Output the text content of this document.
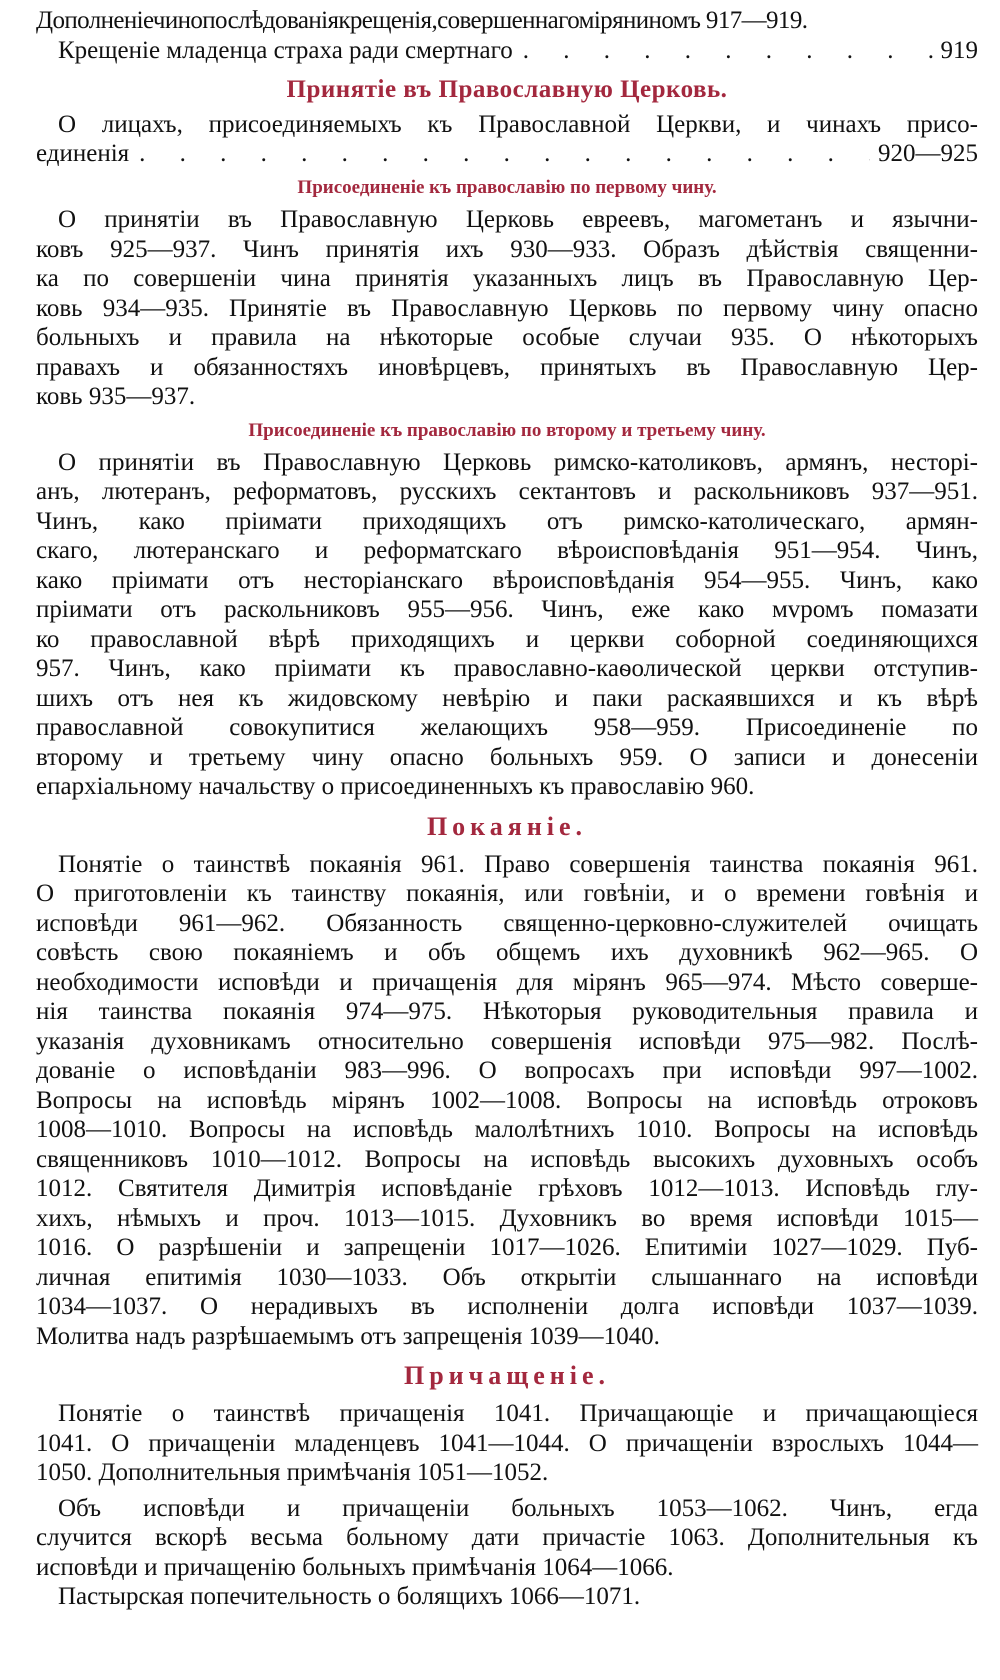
Дополненіечинопослѣдованіякрещенія,совершеннагомiряниномъ 917—919.
Крещеніе младенца страха ради смертнаго . . .	919
Принятіе въ Православную Церковь.
О лицахъ, присоединяемыхъ къ Православной Церкви, и чинахъ присо-
единенія . . .	920—925
Присоединеніе къ православію по первому чину.
О принятіи въ Православную Церковь евреевъ, магометанъ и язычни-
ковъ 925—937. Чинъ принятія ихъ 930—933. Образъ дѣйствія священни-
ка по совершеніи чина принятія указанныхъ лицъ въ Православную Цер-
ковь 934—935. Принятіе въ Православную Церковь по первому чину опасно
больныхъ и правила на нѣкоторые особые случаи 935. О нѣкоторыхъ
правахъ и обязанностяхъ иновѣрцевъ, принятыхъ въ Православную Цер-
ковь 935—937.
Присоединеніе къ православію по второму и третьему чину.
О принятіи въ Православную Церковь римско-католиковъ, армянъ, несторі-
анъ, лютеранъ, реформатовъ, русскихъ сектантовъ и раскольниковъ 937—951.
Чинъ, како пріимати приходящихъ отъ римско-католическаго, армян-
скаго, лютеранскаго и реформатскаго вѣроисповѣданія 951—954. Чинъ,
како пріимати отъ несторіанскаго вѣроисповѣданія 954—955. Чинъ, како
пріимати отъ раскольниковъ 955—956. Чинъ, еже како мvромъ помазати
ко православной вѣрѣ приходящихъ и церкви соборной соединяющихся
957. Чинъ, како пріимати къ православно-каѳолической церкви отступив-
шихъ отъ нея къ жидовскому невѣрію и паки раскаявшихся и къ вѣрѣ
православной совокупитися желающихъ 958—959. Присоединеніе по
второму и третьему чину опасно больныхъ 959. О записи и донесеніи
епархіальному начальству о присоединенныхъ къ православію 960.
Покаяніе.
Понятіе о таинствѣ покаянія 961. Право совершенія таинства покаянія 961.
О приготовленіи къ таинству покаянія, или говѣніи, и о времени говѣнія и
исповѣди 961—962. Обязанность священно-церковно-служителей очищать
совѣсть свою покаяніемъ и объ общемъ ихъ духовникѣ 962—965. О
необходимости исповѣди и причащенія для мiрянъ 965—974. Мѣсто соверше-
нія таинства покаянія 974—975. Нѣкоторыя руководительныя правила и
указанія духовникамъ относительно совершенія исповѣди 975—982. Послѣ-
дованіе о исповѣданіи 983—996. О вопросахъ при исповѣди 997—1002.
Вопросы на исповѣдь мiрянъ 1002—1008. Вопросы на исповѣдь отроковъ
1008—1010. Вопросы на исповѣдь малолѣтнихъ 1010. Вопросы на исповѣдь
священниковъ 1010—1012. Вопросы на исповѣдь высокихъ духовныхъ особъ
1012. Святителя Димитрія исповѣданіе грѣховъ 1012—1013. Исповѣдь глу-
хихъ, нѣмыхъ и проч. 1013—1015. Духовникъ во время исповѣди 1015—
1016. О разрѣшеніи и запрещеніи 1017—1026. Епитиміи 1027—1029. Пуб-
личная епитимія 1030—1033. Объ открытіи слышаннаго на исповѣди
1034—1037. О нерадивыхъ въ исполненіи долга исповѣди 1037—1039.
Молитва надъ разрѣшаемымъ отъ запрещенія 1039—1040.
Причащеніе.
Понятіе о таинствѣ причащенія 1041. Причащающіе и причащающіеся
1041. О причащеніи младенцевъ 1041—1044. О причащеніи взрослыхъ 1044—
1050. Дополнительныя примѣчанія 1051—1052.
Объ исповѣди и причащеніи больныхъ 1053—1062. Чинъ, егда
случится вскорѣ весьма больному дати причастіе 1063. Дополнительныя къ
исповѣди и причащенію больныхъ примѣчанія 1064—1066.
Пастырская попечительность о болящихъ 1066—1071.
